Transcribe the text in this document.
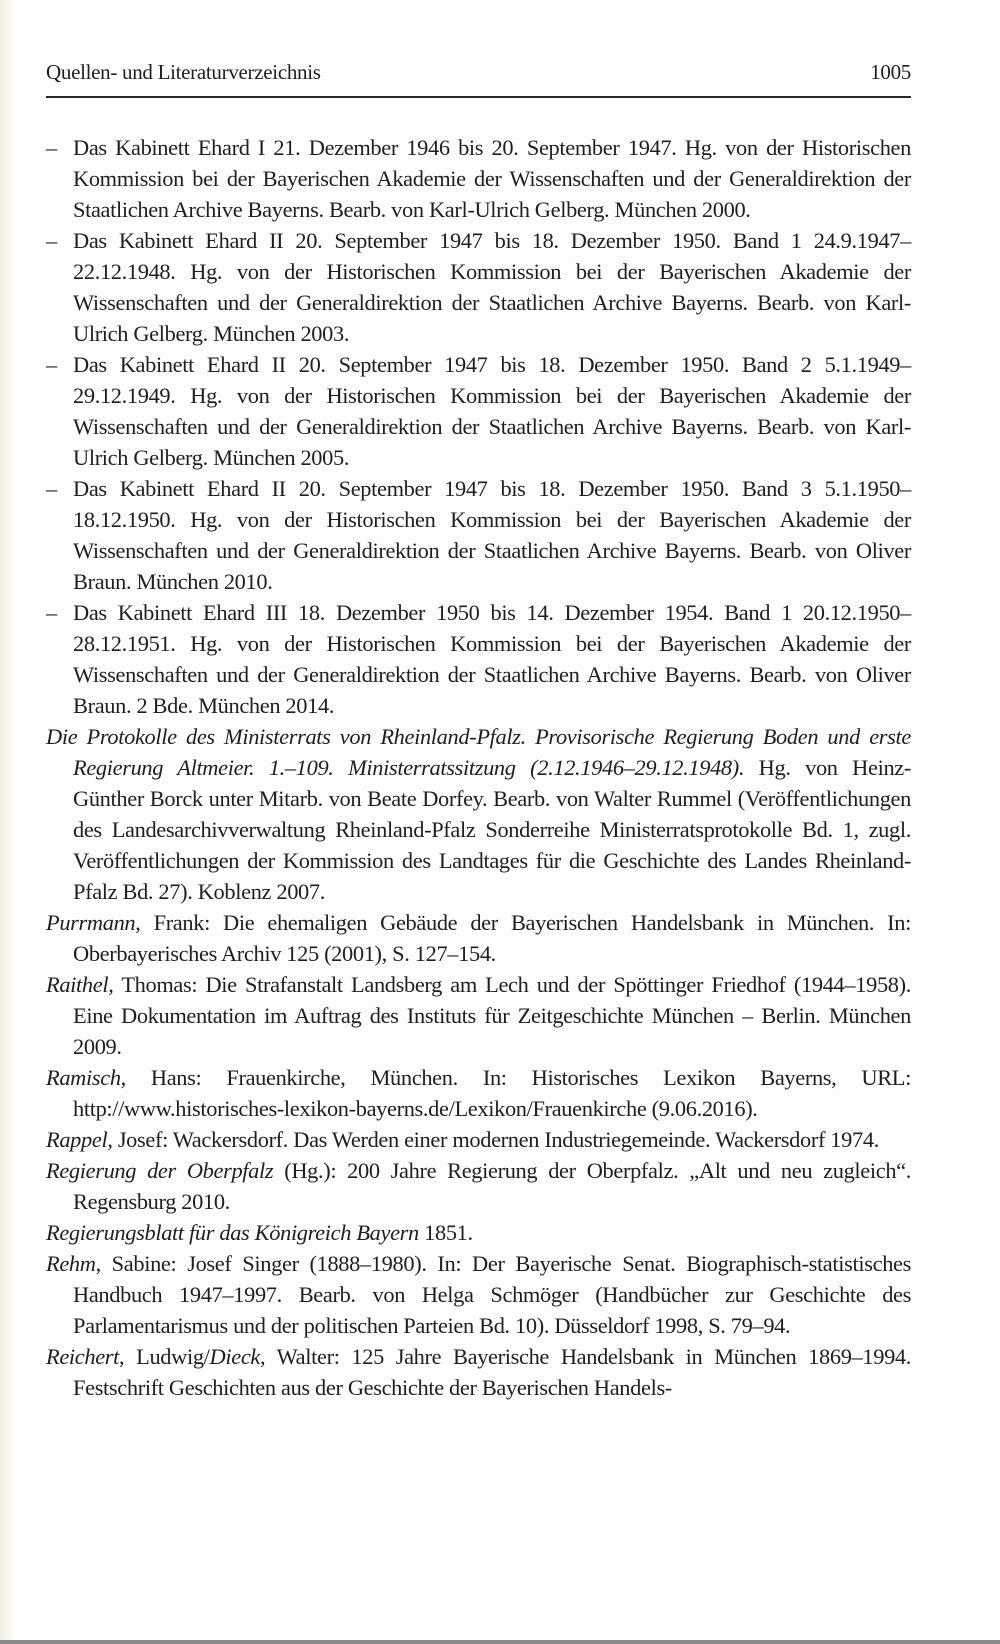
Quellen- und Literaturverzeichnis	1005
– Das Kabinett Ehard I 21. Dezember 1946 bis 20. September 1947. Hg. von der Historischen Kommission bei der Bayerischen Akademie der Wissenschaften und der Generaldirektion der Staatlichen Archive Bayerns. Bearb. von Karl-Ulrich Gelberg. München 2000.
– Das Kabinett Ehard II 20. September 1947 bis 18. Dezember 1950. Band 1 24.9.1947–22.12.1948. Hg. von der Historischen Kommission bei der Bayerischen Akademie der Wissenschaften und der Generaldirektion der Staatlichen Archive Bayerns. Bearb. von Karl-Ulrich Gelberg. München 2003.
– Das Kabinett Ehard II 20. September 1947 bis 18. Dezember 1950. Band 2 5.1.1949–29.12.1949. Hg. von der Historischen Kommission bei der Bayerischen Akademie der Wissenschaften und der Generaldirektion der Staatlichen Archive Bayerns. Bearb. von Karl-Ulrich Gelberg. München 2005.
– Das Kabinett Ehard II 20. September 1947 bis 18. Dezember 1950. Band 3 5.1.1950–18.12.1950. Hg. von der Historischen Kommission bei der Bayerischen Akademie der Wissenschaften und der Generaldirektion der Staatlichen Archive Bayerns. Bearb. von Oliver Braun. München 2010.
– Das Kabinett Ehard III 18. Dezember 1950 bis 14. Dezember 1954. Band 1 20.12.1950–28.12.1951. Hg. von der Historischen Kommission bei der Bayerischen Akademie der Wissenschaften und der Generaldirektion der Staatlichen Archive Bayerns. Bearb. von Oliver Braun. 2 Bde. München 2014.
Die Protokolle des Ministerrats von Rheinland-Pfalz. Provisorische Regierung Boden und erste Regierung Altmeier. 1.–109. Ministerratssitzung (2.12.1946–29.12.1948). Hg. von Heinz-Günther Borck unter Mitarb. von Beate Dorfey. Bearb. von Walter Rummel (Veröffentlichungen des Landesarchivverwaltung Rheinland-Pfalz Sonderreihe Ministerratsprotokolle Bd. 1, zugl. Veröffentlichungen der Kommission des Landtages für die Geschichte des Landes Rheinland-Pfalz Bd. 27). Koblenz 2007.
Purrmann, Frank: Die ehemaligen Gebäude der Bayerischen Handelsbank in München. In: Oberbayerisches Archiv 125 (2001), S. 127–154.
Raithel, Thomas: Die Strafanstalt Landsberg am Lech und der Spöttinger Friedhof (1944–1958). Eine Dokumentation im Auftrag des Instituts für Zeitgeschichte München – Berlin. München 2009.
Ramisch, Hans: Frauenkirche, München. In: Historisches Lexikon Bayerns, URL: http://www.historisches-lexikon-bayerns.de/Lexikon/Frauenkirche (9.06.2016).
Rappel, Josef: Wackersdorf. Das Werden einer modernen Industriegemeinde. Wackersdorf 1974.
Regierung der Oberpfalz (Hg.): 200 Jahre Regierung der Oberpfalz. „Alt und neu zugleich“. Regensburg 2010.
Regierungsblatt für das Königreich Bayern 1851.
Rehm, Sabine: Josef Singer (1888–1980). In: Der Bayerische Senat. Biographisch-statistisches Handbuch 1947–1997. Bearb. von Helga Schmöger (Handbücher zur Geschichte des Parlamentarismus und der politischen Parteien Bd. 10). Düsseldorf 1998, S. 79–94.
Reichert, Ludwig/Dieck, Walter: 125 Jahre Bayerische Handelsbank in München 1869–1994. Festschrift Geschichten aus der Geschichte der Bayerischen Handels-
